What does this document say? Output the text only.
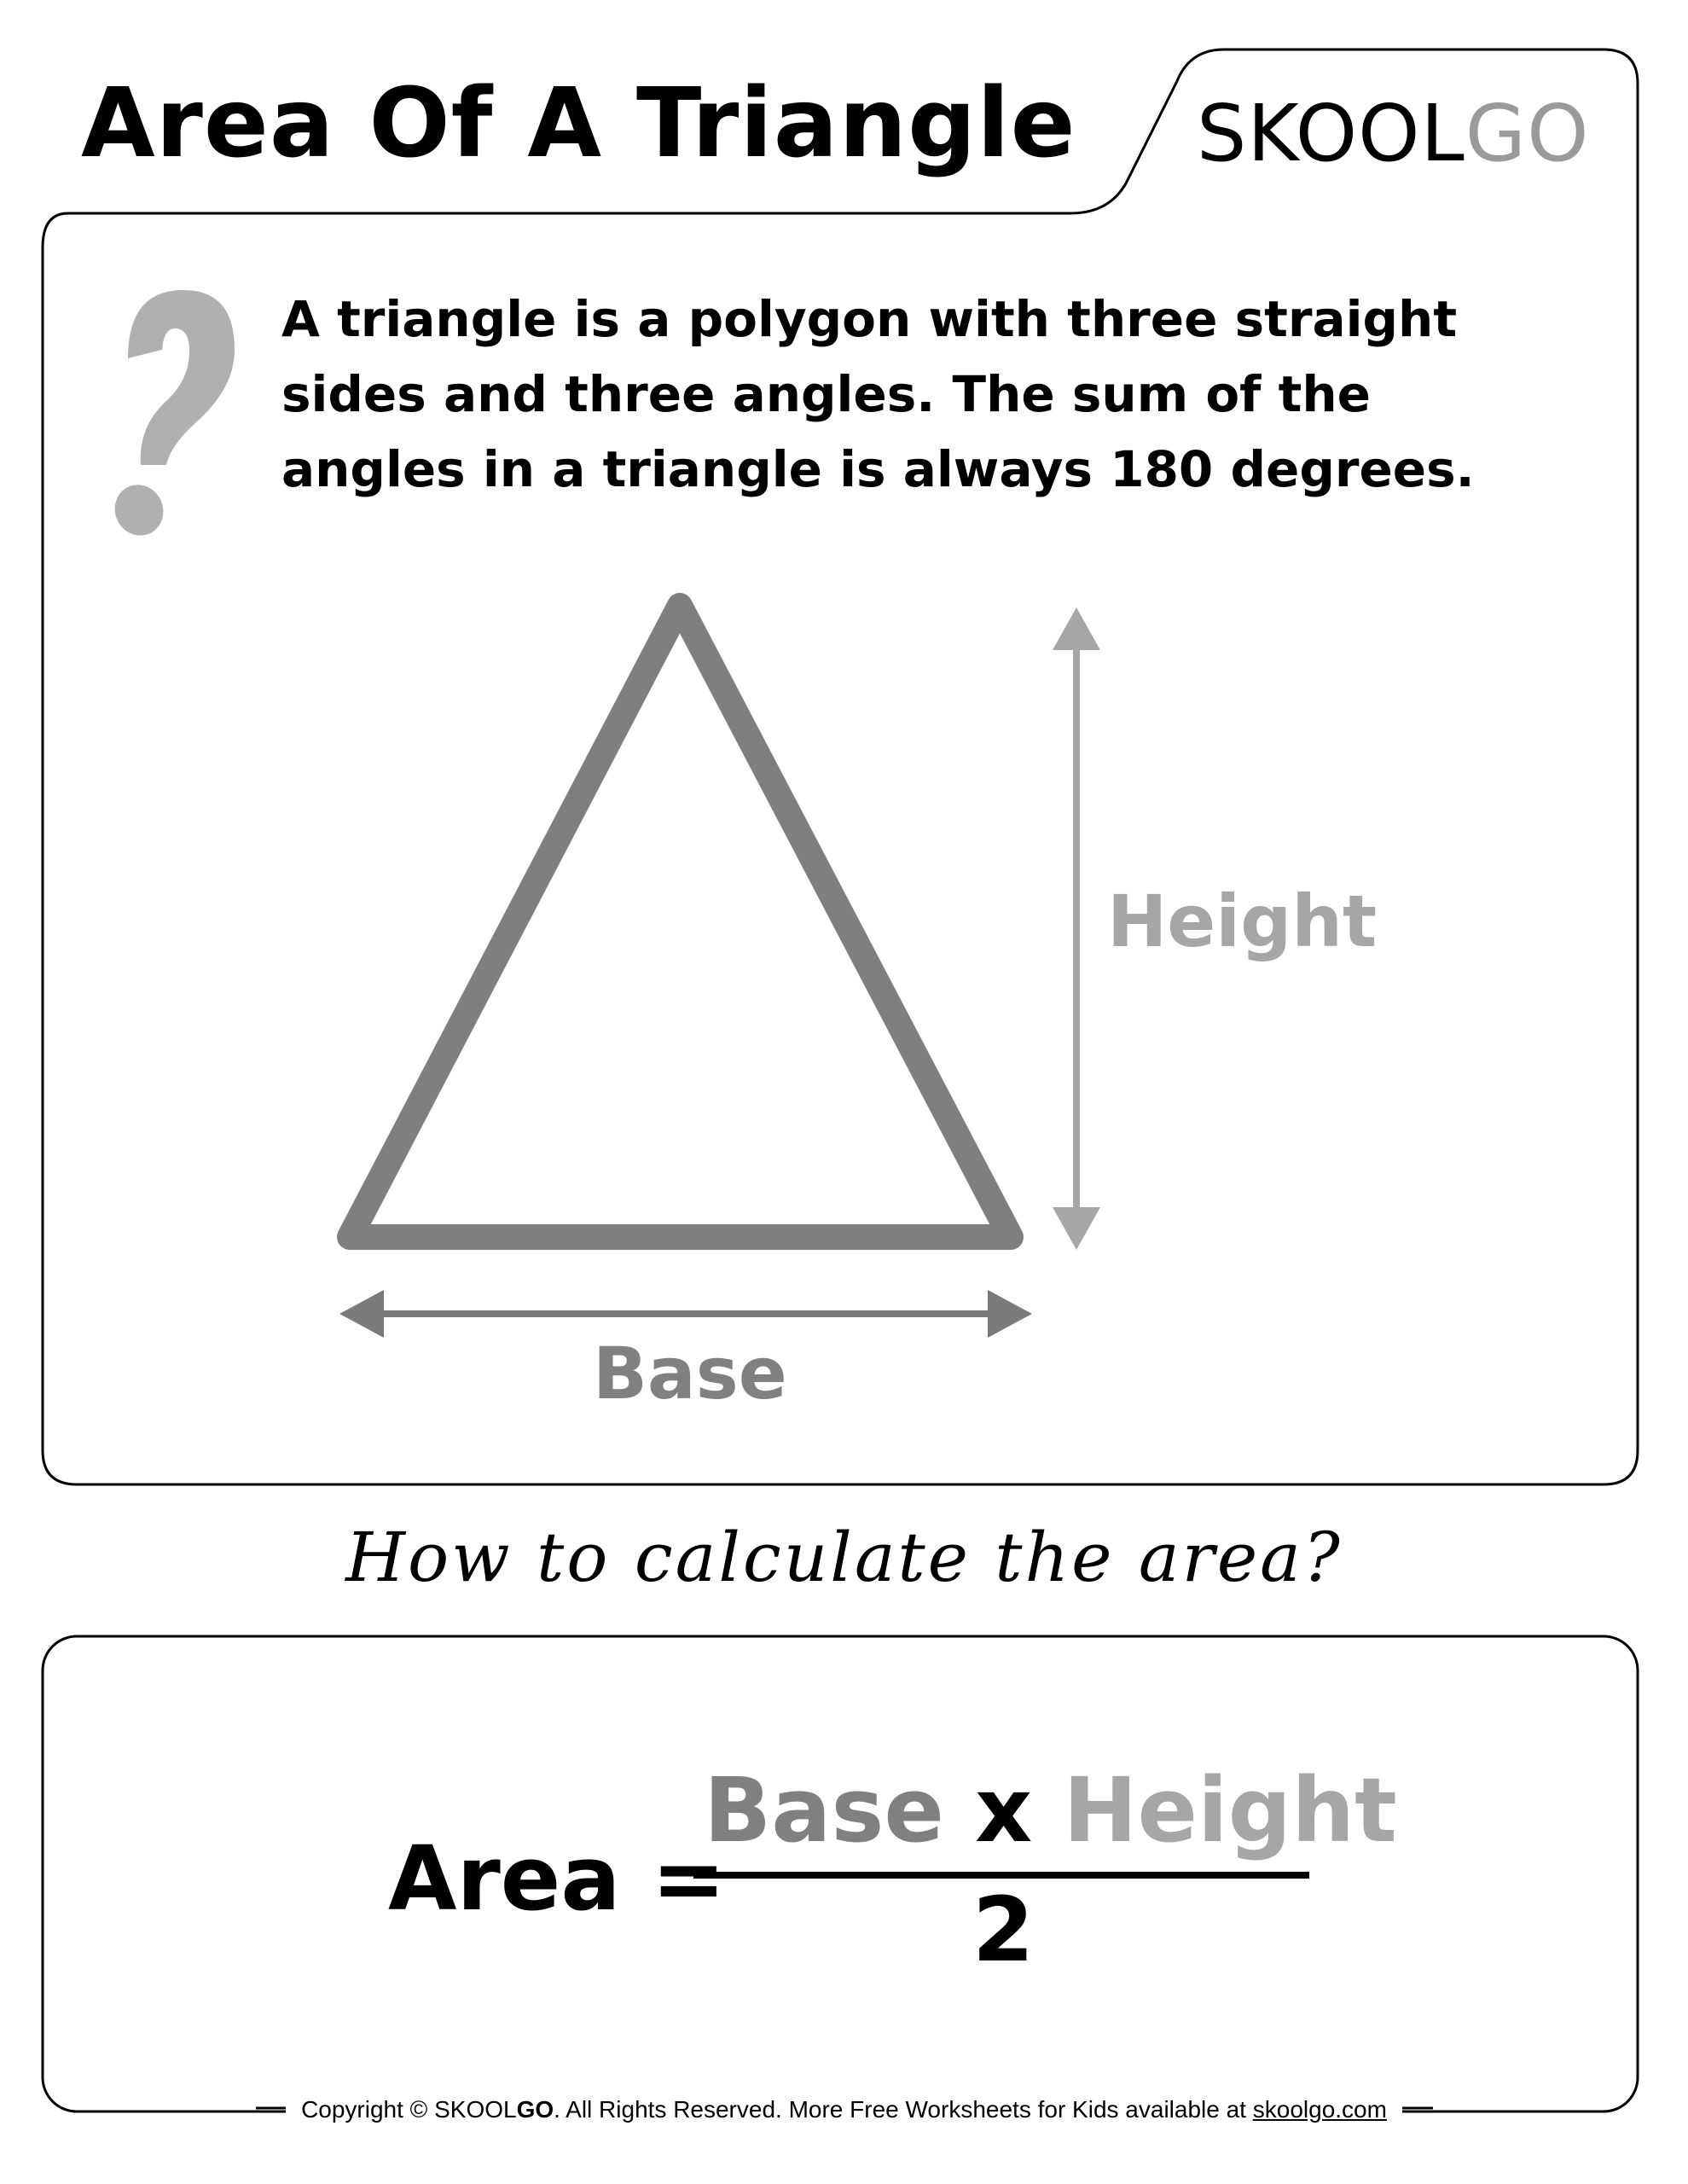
Area Of A Triangle SKOOLGO
A triangle is a polygon with three straight sides and three angles. The sum of the angles in a triangle is always 180 degrees.
Height
Base
How to calculate the area?
Area =
Base x Height
2
Copyright © SKOOLGO. All Rights Reserved. More Free Worksheets for Kids available at skoolgo.com
